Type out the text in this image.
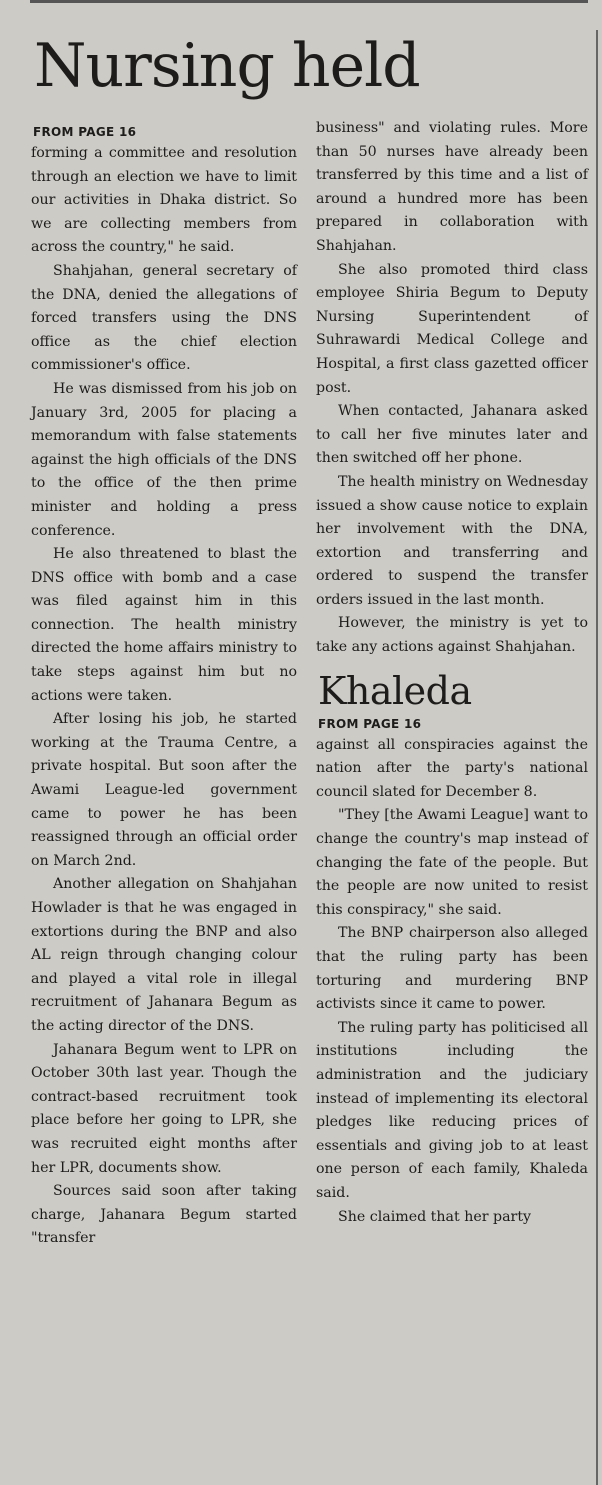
Nursing held
FROM PAGE 16

forming a committee and resolution through an election we have to limit our activities in Dhaka district. So we are collecting members from across the country," he said.

Shahjahan, general secretary of the DNA, denied the allegations of forced transfers using the DNS office as the chief election commissioner's office.

He was dismissed from his job on January 3rd, 2005 for placing a memorandum with false statements against the high officials of the DNS to the office of the then prime minister and holding a press conference.

He also threatened to blast the DNS office with bomb and a case was filed against him in this connection. The health ministry directed the home affairs ministry to take steps against him but no actions were taken.

After losing his job, he started working at the Trauma Centre, a private hospital. But soon after the Awami League-led government came to power he has been reassigned through an official order on March 2nd.

Another allegation on Shahjahan Howlader is that he was engaged in extortions during the BNP and also AL reign through changing colour and played a vital role in illegal recruitment of Jahanara Begum as the acting director of the DNS.

Jahanara Begum went to LPR on October 30th last year. Though the contract-based recruitment took place before her going to LPR, she was recruited eight months after her LPR, documents show.

Sources said soon after taking charge, Jahanara Begum started "transfer

business" and violating rules. More than 50 nurses have already been transferred by this time and a list of around a hundred more has been prepared in collaboration with Shahjahan.

She also promoted third class employee Shiria Begum to Deputy Nursing Superintendent of Suhrawardi Medical College and Hospital, a first class gazetted officer post.

When contacted, Jahanara asked to call her five minutes later and then switched off her phone.

The health ministry on Wednesday issued a show cause notice to explain her involvement with the DNA, extortion and transferring and ordered to suspend the transfer orders issued in the last month.

However, the ministry is yet to take any actions against Shahjahan.

Khaleda
FROM PAGE 16

against all conspiracies against the nation after the party's national council slated for December 8.

"They [the Awami League] want to change the country's map instead of changing the fate of the people. But the people are now united to resist this conspiracy," she said.

The BNP chairperson also alleged that the ruling party has been torturing and murdering BNP activists since it came to power.

The ruling party has politicised all institutions including the administration and the judiciary instead of implementing its electoral pledges like reducing prices of essentials and giving job to at least one person of each family, Khaleda said.

She claimed that her party
